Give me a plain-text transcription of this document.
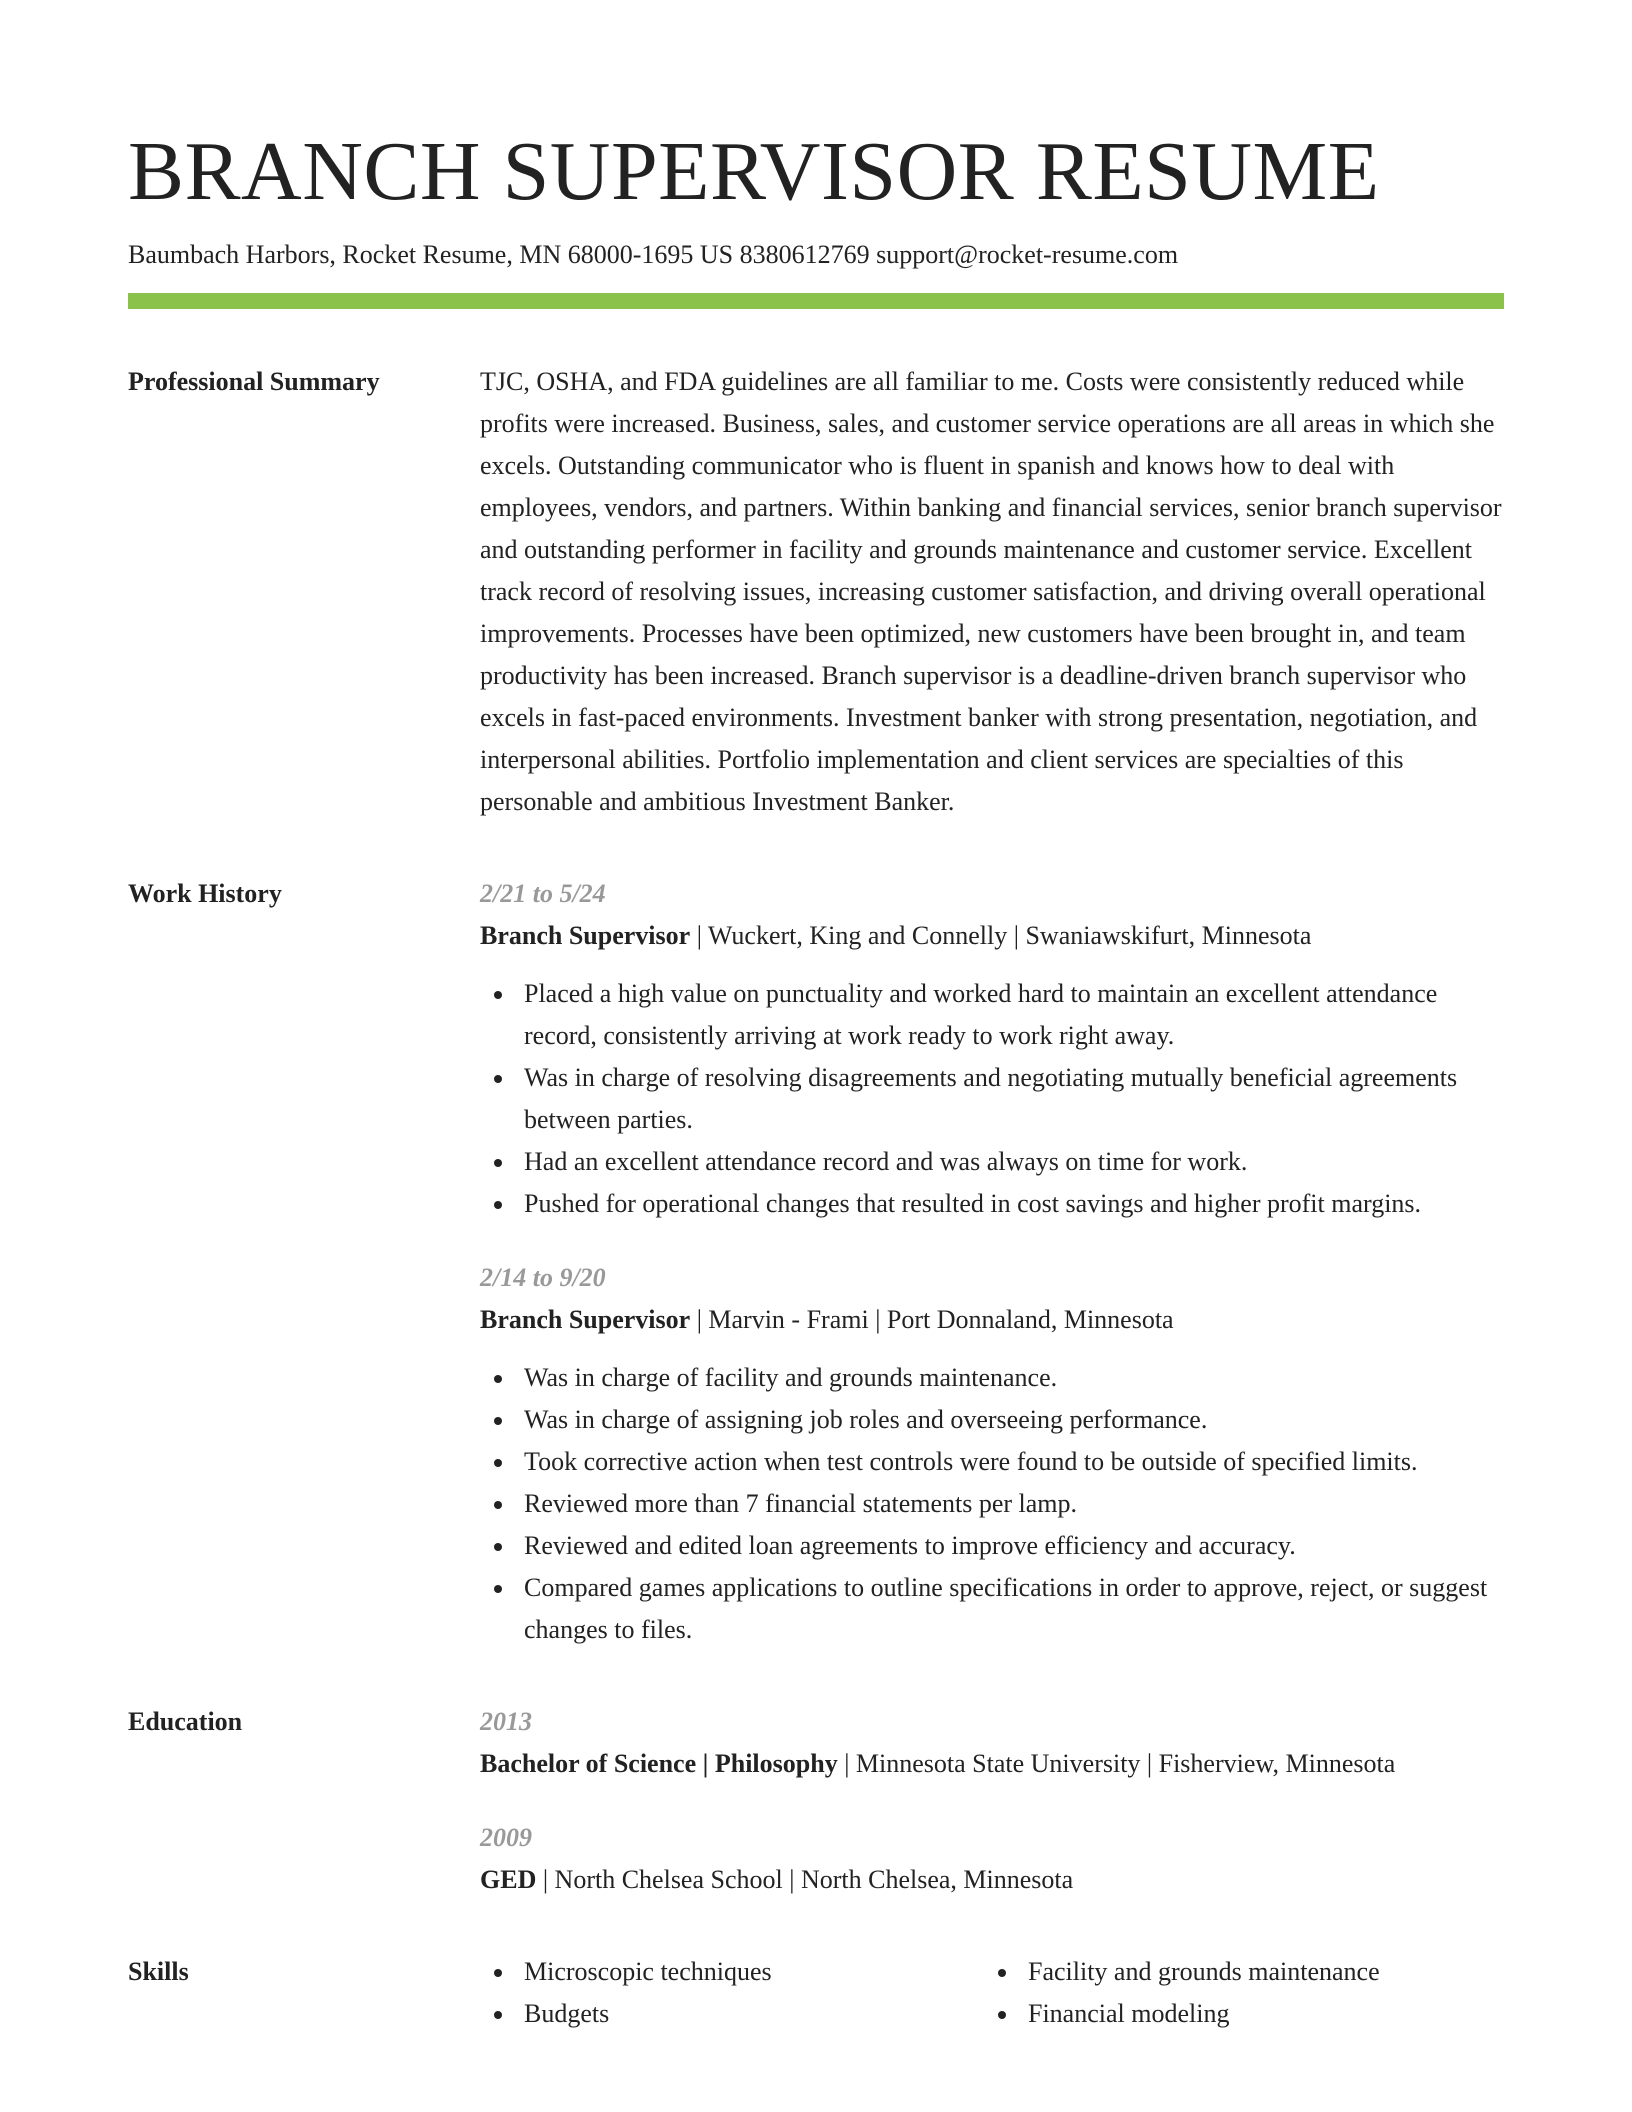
BRANCH SUPERVISOR RESUME
Baumbach Harbors, Rocket Resume, MN 68000-1695 US 8380612769 support@rocket-resume.com
Professional Summary	TJC, OSHA, and FDA guidelines are all familiar to me. Costs were consistently reduced while profits were increased. Business, sales, and customer service operations are all areas in which she excels. Outstanding communicator who is fluent in spanish and knows how to deal with employees, vendors, and partners. Within banking and financial services, senior branch supervisor and outstanding performer in facility and grounds maintenance and customer service. Excellent track record of resolving issues, increasing customer satisfaction, and driving overall operational improvements. Processes have been optimized, new customers have been brought in, and team productivity has been increased. Branch supervisor is a deadline-driven branch supervisor who excels in fast-paced environments. Investment banker with strong presentation, negotiation, and interpersonal abilities. Portfolio implementation and client services are specialties of this personable and ambitious Investment Banker.
Work History	2/21 to 5/24
Branch Supervisor | Wuckert, King and Connelly | Swaniawskifurt, Minnesota
Placed a high value on punctuality and worked hard to maintain an excellent attendance record, consistently arriving at work ready to work right away.
Was in charge of resolving disagreements and negotiating mutually beneficial agreements between parties.
Had an excellent attendance record and was always on time for work.
Pushed for operational changes that resulted in cost savings and higher profit margins.
2/14 to 9/20
Branch Supervisor | Marvin - Frami | Port Donnaland, Minnesota
Was in charge of facility and grounds maintenance.
Was in charge of assigning job roles and overseeing performance.
Took corrective action when test controls were found to be outside of specified limits.
Reviewed more than 7 financial statements per lamp.
Reviewed and edited loan agreements to improve efficiency and accuracy.
Compared games applications to outline specifications in order to approve, reject, or suggest changes to files.
Education	2013
Bachelor of Science | Philosophy | Minnesota State University | Fisherview, Minnesota
2009
GED | North Chelsea School | North Chelsea, Minnesota
Skills	Microscopic techniques
Budgets
Facility and grounds maintenance
Financial modeling
